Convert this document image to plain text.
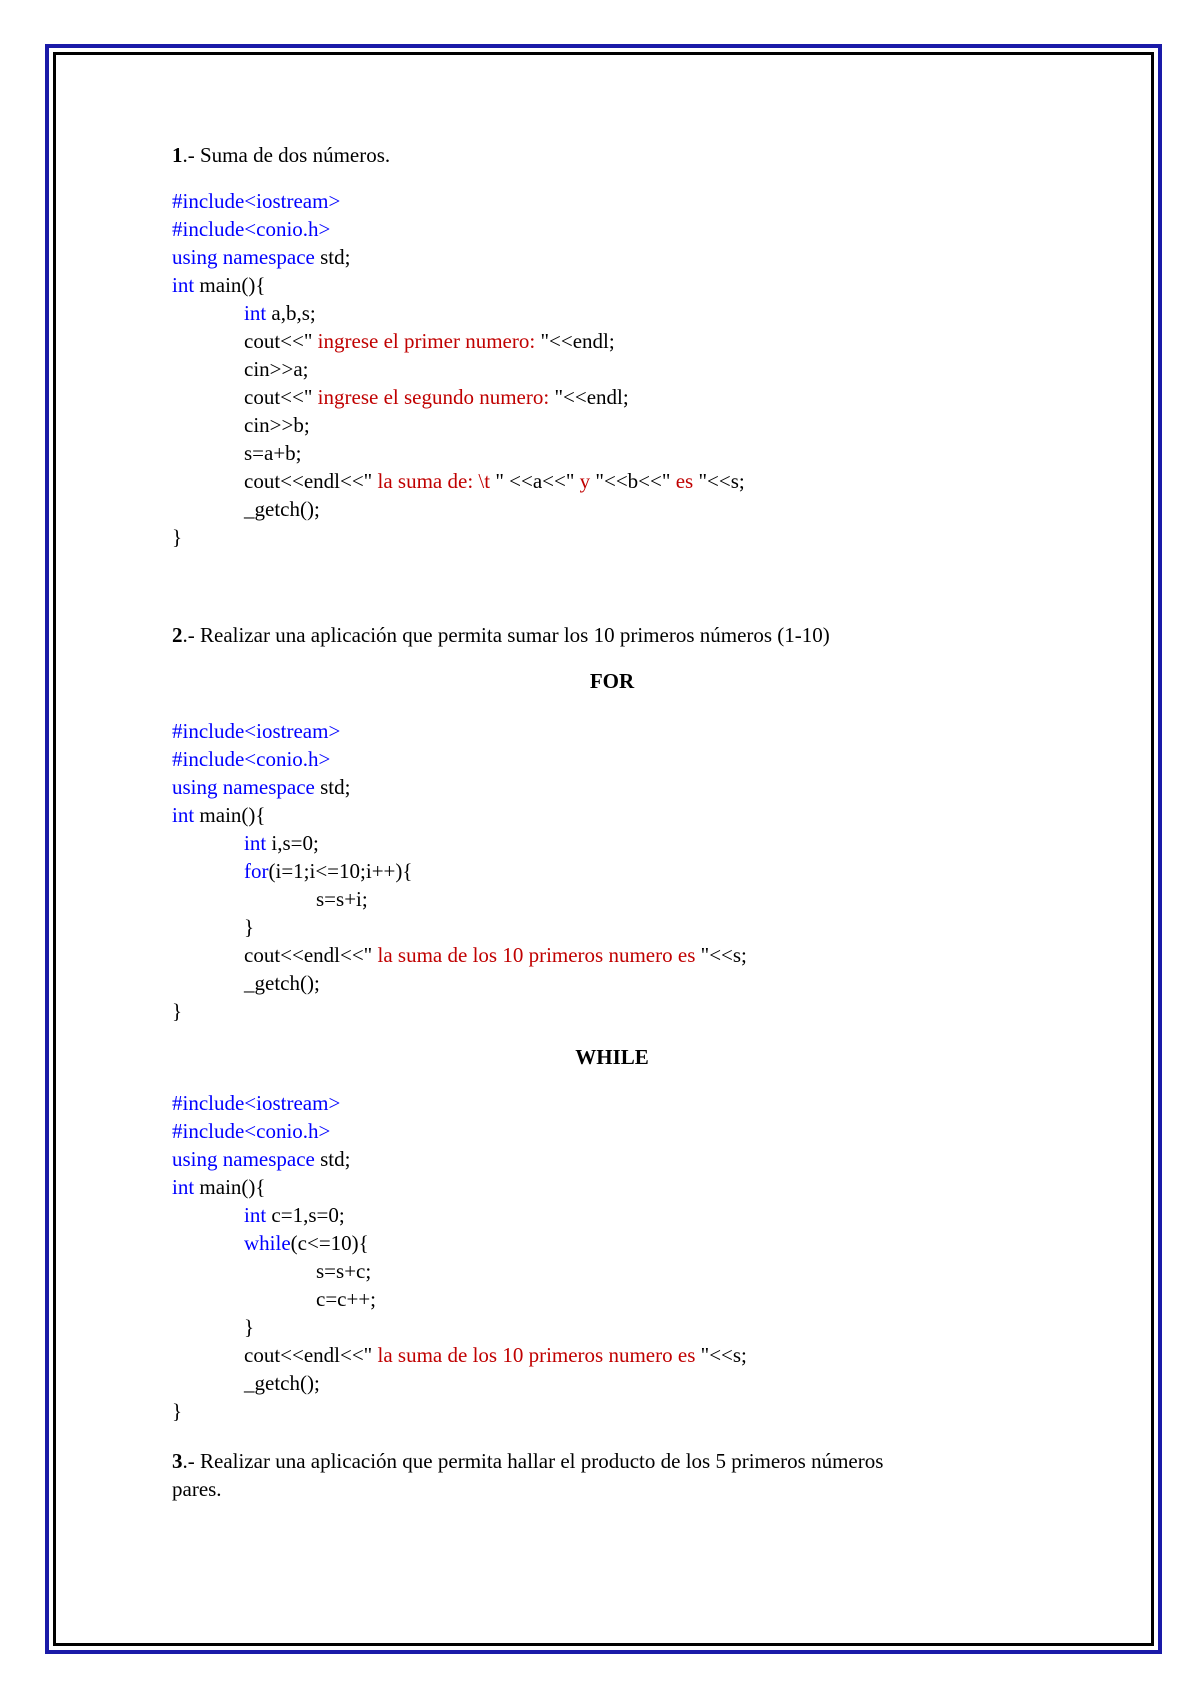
1.- Suma de dos números.
#include<iostream>
#include<conio.h>
using namespace std;
int main(){
int a,b,s;
cout<<" ingrese el primer numero: "<<endl;
cin>>a;
cout<<" ingrese el segundo numero: "<<endl;
cin>>b;
s=a+b;
cout<<endl<<" la suma de: \t " <<a<<" y "<<b<<" es "<<s;
_getch();
}
2.- Realizar una aplicación que permita sumar los 10 primeros números (1-10)
FOR
#include<iostream>
#include<conio.h>
using namespace std;
int main(){
int i,s=0;
for(i=1;i<=10;i++){
s=s+i;
}
cout<<endl<<" la suma de los 10 primeros numero es "<<s;
_getch();
}
WHILE
#include<iostream>
#include<conio.h>
using namespace std;
int main(){
int c=1,s=0;
while(c<=10){
s=s+c;
c=c++;
}
cout<<endl<<" la suma de los 10 primeros numero es "<<s;
_getch();
}
3.- Realizar una aplicación que permita hallar el producto de los 5 primeros números
pares.
